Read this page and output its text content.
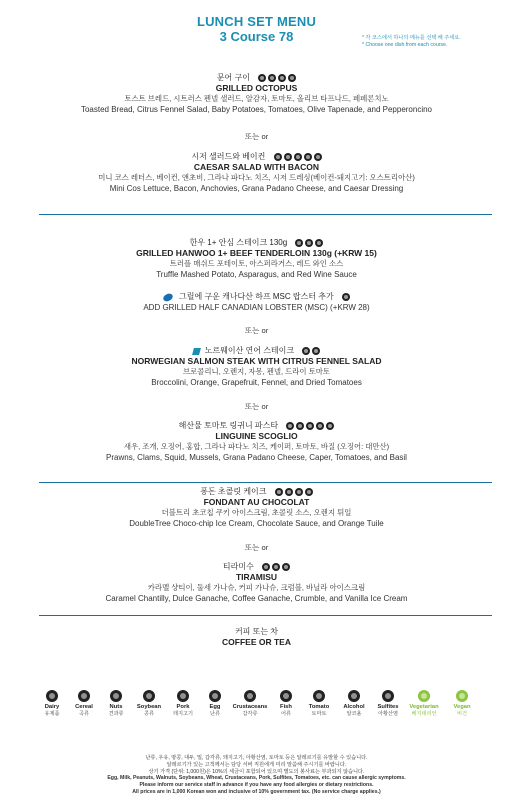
LUNCH SET MENU
3 Course 78	* 각 코스에서 하나의 메뉴를 선택 해 주세요.
* Choose one dish from each course.
문어 구이
GRILLED OCTOPUS
토스트 브레드, 시트러스 펜넬 샐러드, 알감자, 토마토, 올리브 타프나드, 페페론치노
Toasted Bread, Citrus Fennel Salad, Baby Potatoes, Tomatoes, Olive Tapenade, and Pepperoncino
또는 or
시저 샐러드와 베이컨
CAESAR SALAD WITH BACON
미니 코스 레터스, 베이컨, 앤초비, 그라나 파다노 치즈, 시저 드레싱(베이컨-돼지고기: 오스트리아산)
Mini Cos Lettuce, Bacon, Anchovies, Grana Padano Cheese, and Caesar Dressing
한우 1+ 안심 스테이크 130g
GRILLED HANWOO 1+ BEEF TENDERLOIN 130g (+KRW 15)
트러플 매쉬드 포테이토, 아스퍼라거스, 레드 와인 소스
Truffle Mashed Potato, Asparagus, and Red Wine Sauce
그릴에 구운 캐나다산 하프 MSC 랍스터 추가
ADD GRILLED HALF CANADIAN LOBSTER (MSC) (+KRW 28)
또는 or
노르웨이산 연어 스테이크
NORWEGIAN SALMON STEAK WITH CITRUS FENNEL SALAD
브로콜리니, 오렌지, 자몽, 펜넬, 드라이 토마토
Broccolini, Orange, Grapefruit, Fennel, and Dried Tomatoes
또는 or
해산물 토마토 링귀니 파스타
LINGUINE SCOGLIO
새우, 조개, 오징어, 홍합, 그라나 파다노 치즈, 케이퍼, 토마토, 바질 (오징어: 대만산)
Prawns, Clams, Squid, Mussels, Grana Padano Cheese, Caper, Tomatoes, and Basil
퐁돈 초콜릿 케이크
FONDANT AU CHOCOLAT
더블트리 초코칩 쿠키 아이스크림, 초콜릿 소스, 오렌지 튀일
DoubleTree Choco-chip Ice Cream, Chocolate Sauce, and Orange Tuile
또는 or
티라미수
TIRAMISU
카라멜 샹티이, 둘세 가나슈, 커피 가나슈, 크럼블, 바닐라 아이스크림
Caramel Chantilly, Dulce Ganache, Coffee Ganache, Crumble, and Vanilla Ice Cream
커피 또는 차
COFFEE OR TEA
Dairy
유제품
Cereal
곡류
Nuts
견과류
Soybean
콩류
Pork
돼지고기
Egg
난류
Crustaceans
갑각류
Fish
어류
Tomato
토마토
Alcohol
알코올
Sulfites
아황산염
Vegetarian
베지테리언
Vegan
비건
난류, 우유, 땅콩, 대두, 밀, 갑각류, 돼지고기, 아황산염, 토마토 등은 알레르기를 유발할 수 있습니다.
알레르기가 있는 고객께서는 담당 서버 직원에게 미리 말씀해 주시기를 바랍니다.
상기 가격 (단위: 1,000원)은 10%의 세금이 포함되어 있으며 별도의 봉사료는 부과되지 않습니다.
Egg, Milk, Peanuts, Walnuts, Soybeans, Wheat, Crustaceans, Pork, Sulfites, Tomatoes, etc. can cause allergic symptoms.
Please inform our service staff in advance if you have any food allergies or dietary restrictions.
All prices are in 1,000 Korean won and inclusive of 10% government tax. (No service charge applies.)
